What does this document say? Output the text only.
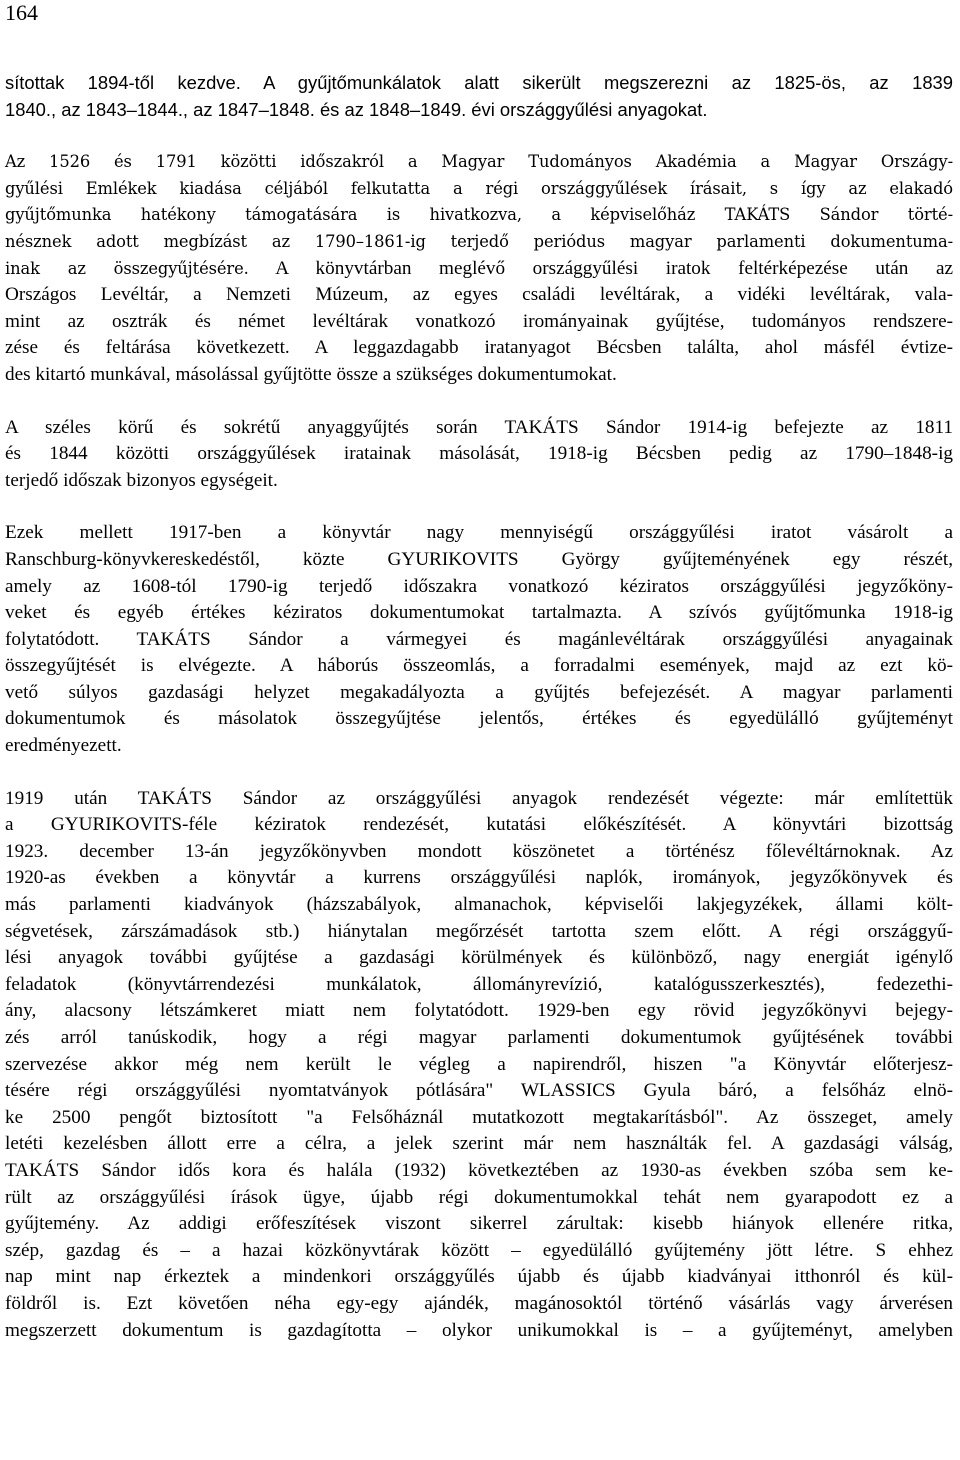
164
sítottak 1894-től kezdve. A gyűjtőmunkálatok alatt sikerült megszerezni az 1825-ös, az 1839
1840., az 1843–1844., az 1847–1848. és az 1848–1849. évi országgyűlési anyagokat.
Az 1526 és 1791 közötti időszakról a Magyar Tudományos Akadémia a Magyar Országy-
gyűlési Emlékek kiadása céljából felkutatta a régi országgyűlések írásait, s így az elakadó
gyűjtőmunka hatékony támogatására is hivatkozva, a képviselőház TAKÁTS Sándor törté-
nésznek adott megbízást az 1790–1861-ig terjedő periódus magyar parlamenti dokumentuma-
inak az összegyűjtésére. A könyvtárban meglévő országgyűlési iratok feltérképezése után az
Országos Levéltár, a Nemzeti Múzeum, az egyes családi levéltárak, a vidéki levéltárak, vala-
mint az osztrák és német levéltárak vonatkozó irományainak gyűjtése, tudományos rendszere-
zése és feltárása következett. A leggazdagabb iratanyagot Bécsben találta, ahol másfél évtize-
des kitartó munkával, másolással gyűjtötte össze a szükséges dokumentumokat.
A széles körű és sokrétű anyaggyűjtés során TAKÁTS Sándor 1914-ig befejezte az 1811
és 1844 közötti országgyűlések iratainak másolását, 1918-ig Bécsben pedig az 1790–1848-ig
terjedő időszak bizonyos egységeit.
Ezek mellett 1917-ben a könyvtár nagy mennyiségű országgyűlési iratot vásárolt a
Ranschburg-könyvkereskedéstől, közte GYURIKOVITS György gyűjteményének egy részét,
amely az 1608-tól 1790-ig terjedő időszakra vonatkozó kéziratos országgyűlési jegyzőköny-
veket és egyéb értékes kéziratos dokumentumokat tartalmazta. A szívós gyűjtőmunka 1918-ig
folytatódott. TAKÁTS Sándor a vármegyei és magánlevéltárak országgyűlési anyagainak
összegyűjtését is elvégezte. A háborús összeomlás, a forradalmi események, majd az ezt kö-
vető súlyos gazdasági helyzet megakadályozta a gyűjtés befejezését. A magyar parlamenti
dokumentumok és másolatok összegyűjtése jelentős, értékes és egyedülálló gyűjteményt
eredményezett.
1919 után TAKÁTS Sándor az országgyűlési anyagok rendezését végezte: már említettük
a GYURIKOVITS-féle kéziratok rendezését, kutatási előkészítését. A könyvtári bizottság
1923. december 13-án jegyzőkönyvben mondott köszönetet a történész főlevéltárnoknak. Az
1920-as években a könyvtár a kurrens országgyűlési naplók, irományok, jegyzőkönyvek és
más parlamenti kiadványok (házszabályok, almanachok, képviselői lakjegyzékek, állami költ-
ségvetések, zárszámadások stb.) hiánytalan megőrzését tartotta szem előtt. A régi országgyű-
lési anyagok további gyűjtése a gazdasági körülmények és különböző, nagy energiát igénylő
feladatok (könyvtárrendezési munkálatok, állományrevízió, katalógusszerkesztés), fedezethi-
ány, alacsony létszámkeret miatt nem folytatódott. 1929-ben egy rövid jegyzőkönyvi bejegy-
zés arról tanúskodik, hogy a régi magyar parlamenti dokumentumok gyűjtésének további
szervezése akkor még nem került le végleg a napirendről, hiszen "a Könyvtár előterjesz-
tésére régi országgyűlési nyomtatványok pótlására" WLASSICS Gyula báró, a felsőház elnö-
ke 2500 pengőt biztosított "a Felsőháznál mutatkozott megtakarításból". Az összeget, amely
letéti kezelésben állott erre a célra, a jelek szerint már nem használták fel. A gazdasági válság,
TAKÁTS Sándor idős kora és halála (1932) következtében az 1930-as években szóba sem ke-
rült az országgyűlési írások ügye, újabb régi dokumentumokkal tehát nem gyarapodott ez a
gyűjtemény. Az addigi erőfeszítések viszont sikerrel zárultak: kisebb hiányok ellenére ritka,
szép, gazdag és – a hazai közkönyvtárak között – egyedülálló gyűjtemény jött létre. S ehhez
nap mint nap érkeztek a mindenkori országgyűlés újabb és újabb kiadványai itthonról és kül-
földről is. Ezt követően néha egy-egy ajándék, magánosoktól történő vásárlás vagy árverésen
megszerzett dokumentum is gazdagította – olykor unikumokkal is – a gyűjteményt, amelyben
